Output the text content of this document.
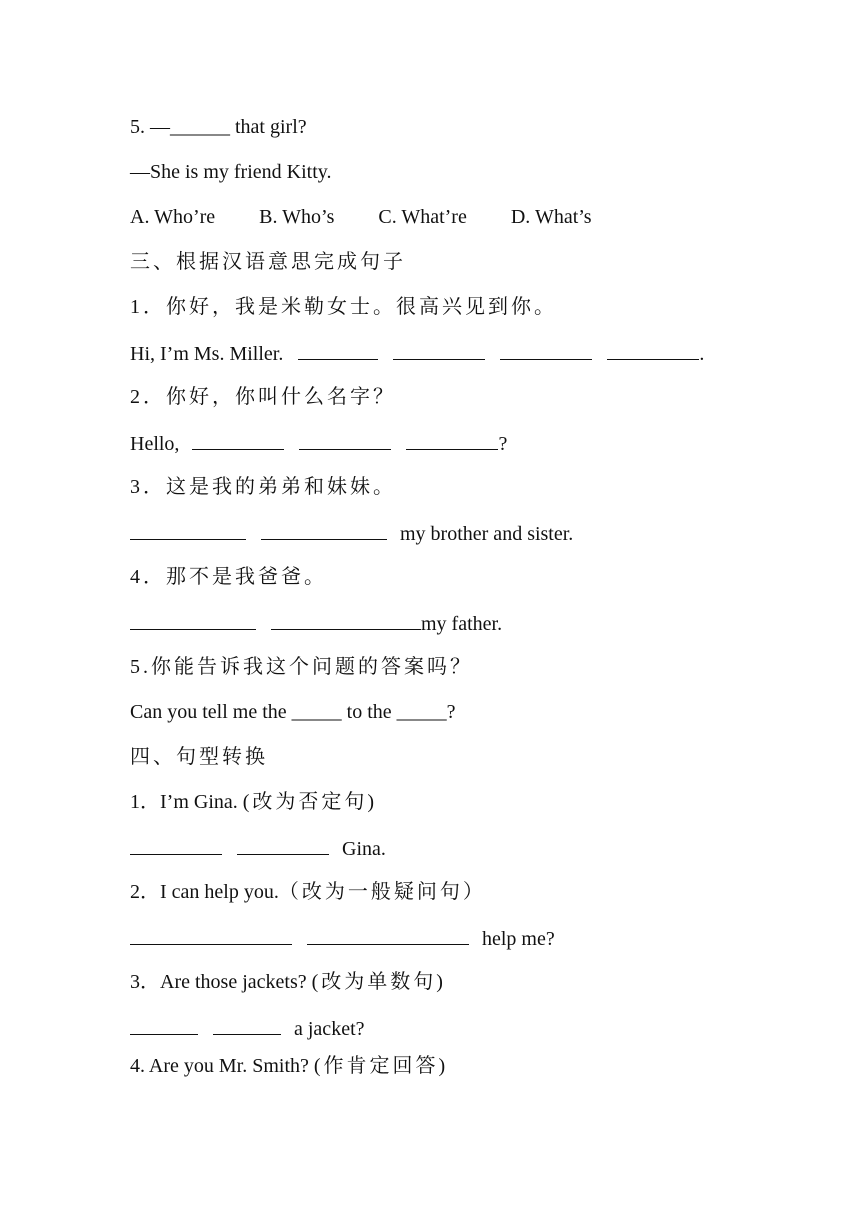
5. —______ that girl?
—She is my friend Kitty.
A. Who’re B. Who’s C. What’re D. What’s
三、根据汉语意思完成句子
1．你好，我是米勒女士。很高兴见到你。
Hi, I’m Ms. Miller.	.
2．你好，你叫什么名字？
Hello,	?
3．这是我的弟弟和妹妹。
my brother and sister.
4．那不是我爸爸。
my father.
5.你能告诉我这个问题的答案吗？
Can you tell me the _____ to the _____?
四、句型转换
1．I’m Gina. (改为否定句)
Gina.
2．I can help you.（改为一般疑问句）
help me?
3．Are those jackets? (改为单数句)
a jacket?
4. Are you Mr. Smith? (作肯定回答)
